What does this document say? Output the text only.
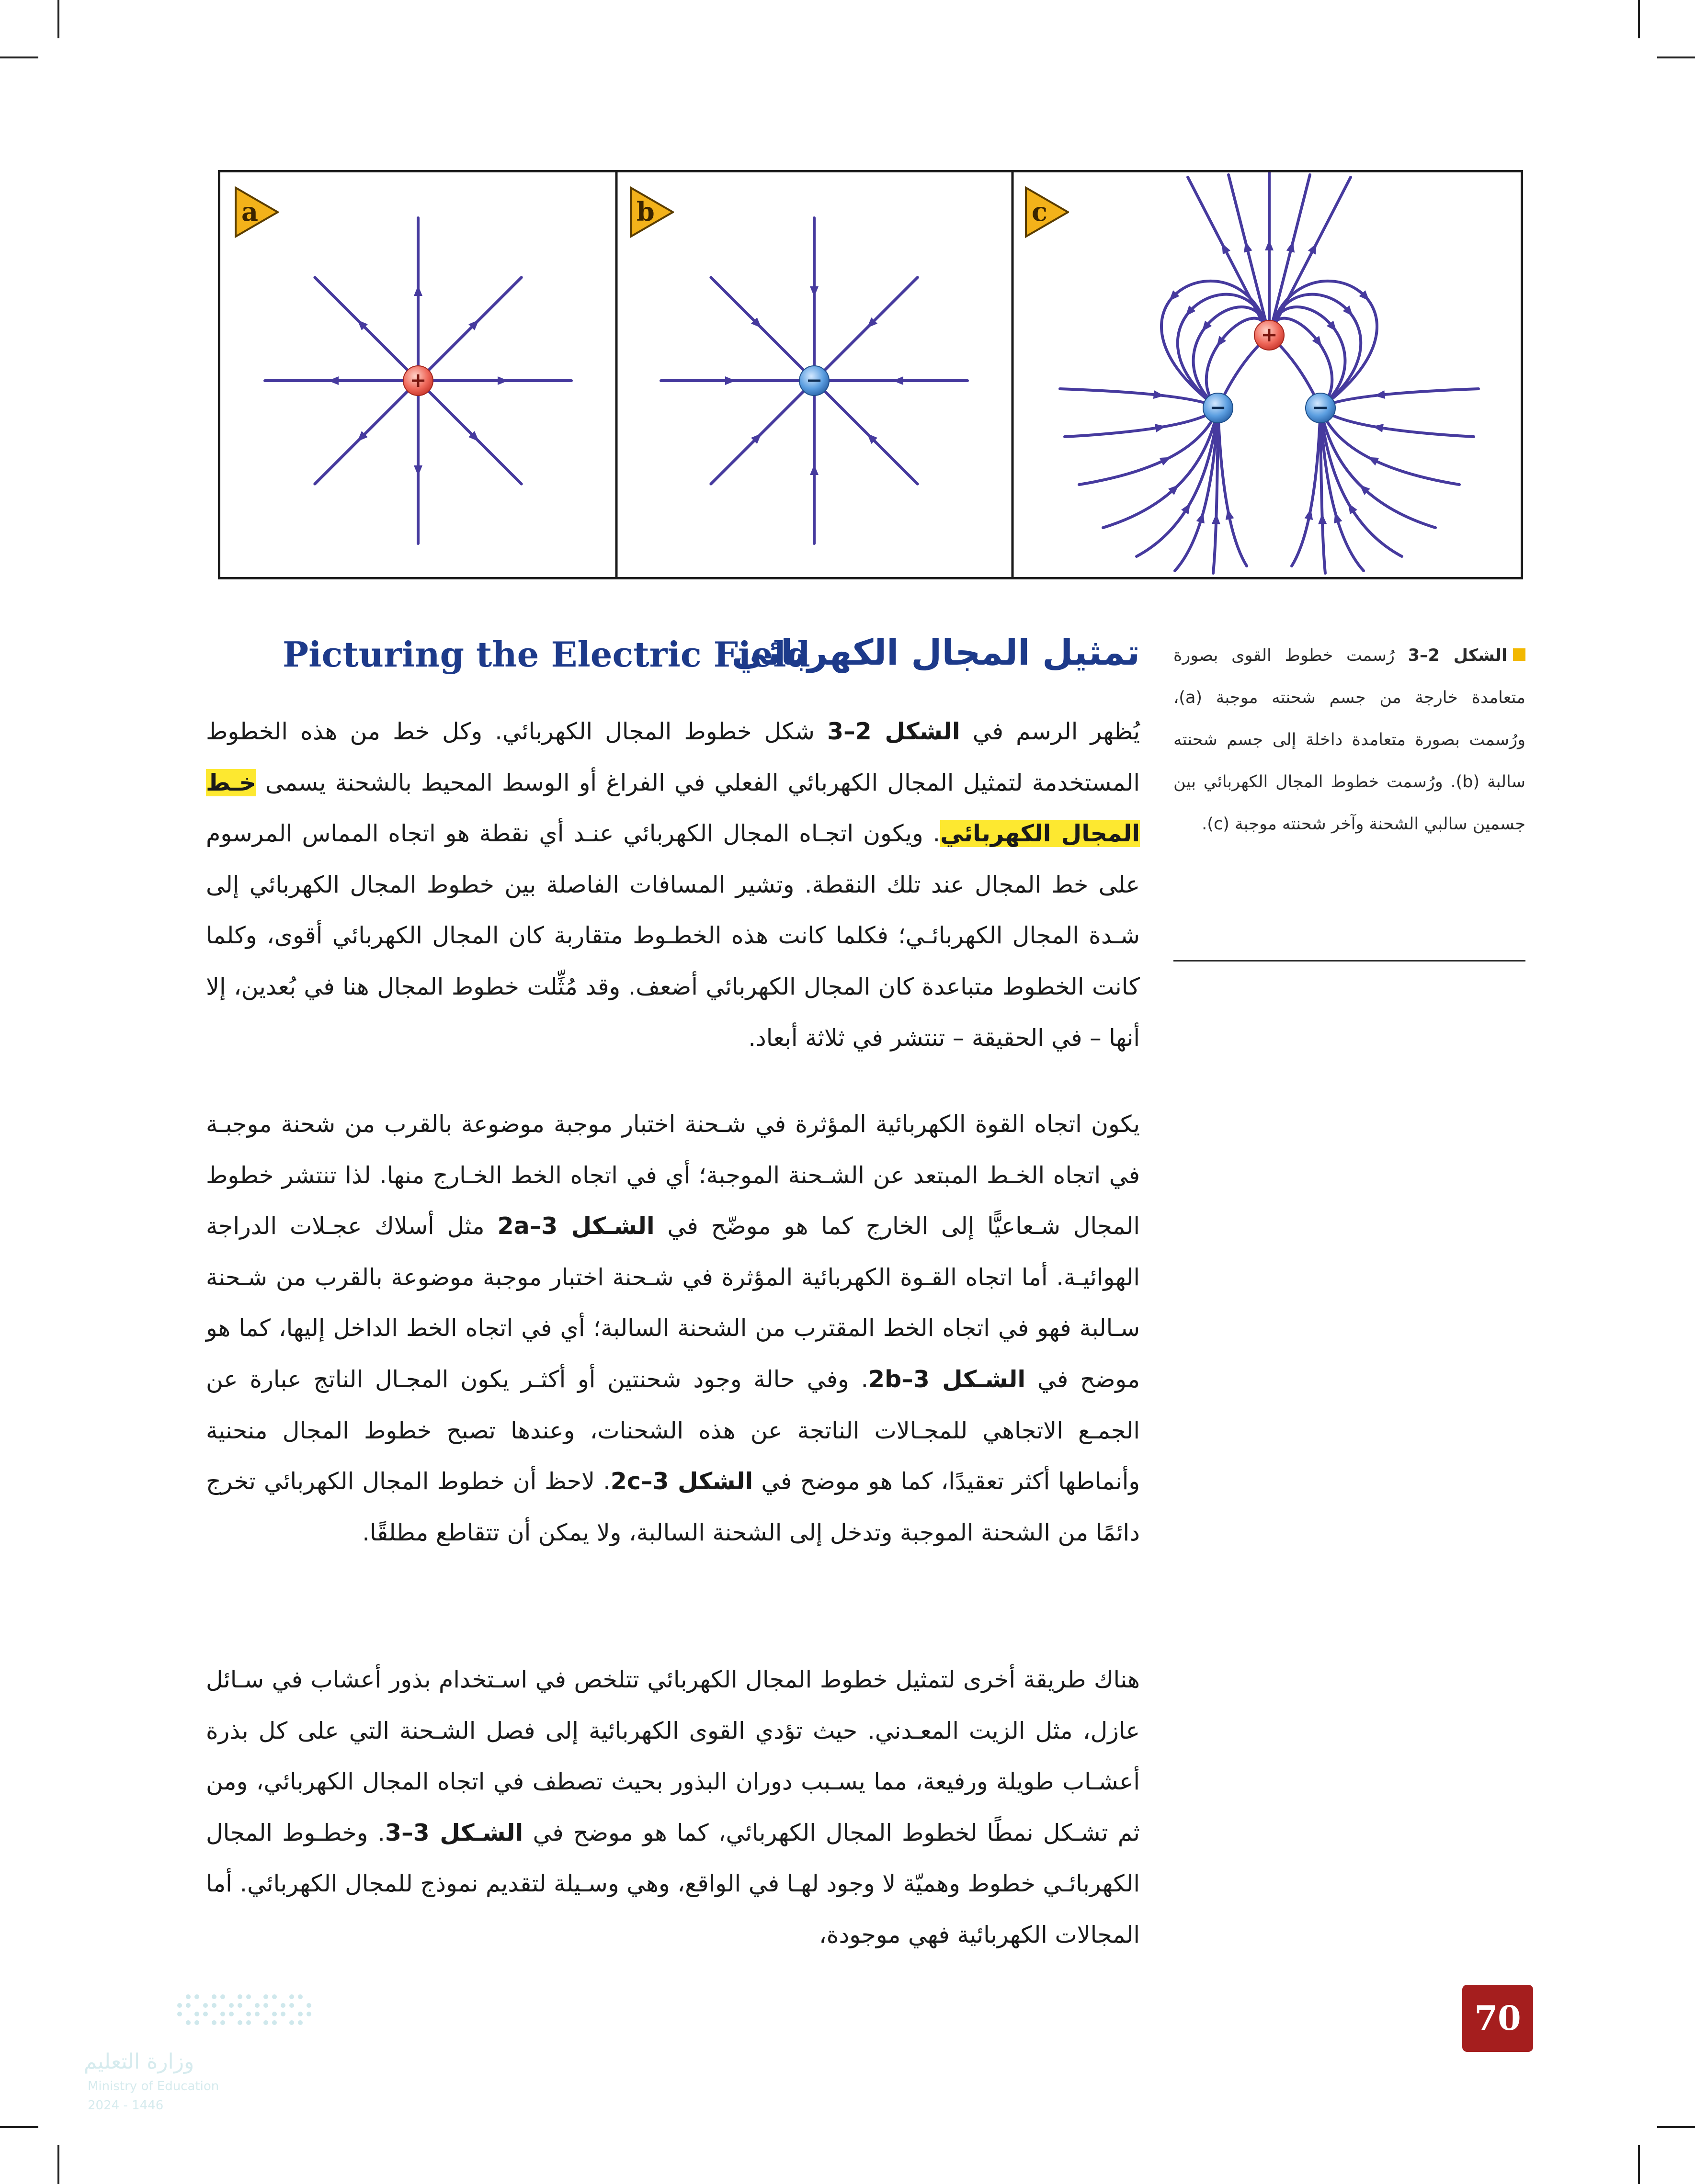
+	−
+
−	−
a	b	c
الشكل 2–3 رُسمت خطوط القوى بصورة متعامدة خارجة من جسم شحنته موجبة (a)، ورُسمت بصورة متعامدة داخلة إلى جسم شحنته سالبة (b). ورُسمت خطوط المجال الكهربائي بين جسمين سالبي الشحنة وآخر شحنته موجبة (c).
Picturing the Electric Field
تمثيل المجال الكهربائي
يُظهر الرسم في الشكل 2–3 شكل خطوط المجال الكهربائي. وكل خط من هذه الخطوط المستخدمة لتمثيل المجال الكهربائي الفعلي في الفراغ أو الوسط المحيط بالشحنة يسمى خـط المجال الكهربائي. ويكون اتجـاه المجال الكهربائي عنـد أي نقطة هو اتجاه المماس المرسوم على خط المجال عند تلك النقطة. وتشير المسافات الفاصلة بين خطوط المجال الكهربائي إلى شـدة المجال الكهربائـي؛ فكلما كانت هذه الخطـوط متقاربة كان المجال الكهربائي أقوى، وكلما كانت الخطوط متباعدة كان المجال الكهربائي أضعف. وقد مُثِّلت خطوط المجال هنا في بُعدين، إلا أنها – في الحقيقة – تنتشر في ثلاثة أبعاد.
يكون اتجاه القوة الكهربائية المؤثرة في شـحنة اختبار موجبة موضوعة بالقرب من شحنة موجبـة في اتجاه الخـط المبتعد عن الشـحنة الموجبة؛ أي في اتجاه الخط الخـارج منها. لذا تنتشر خطوط المجال شـعاعيًّا إلى الخارج كما هو موضّح في الشـكل 2a–3 مثل أسلاك عجـلات الدراجة الهوائيـة. أما اتجاه القـوة الكهربائية المؤثرة في شـحنة اختبار موجبة موضوعة بالقرب من شـحنة سـالبة فهو في اتجاه الخط المقترب من الشحنة السالبة؛ أي في اتجاه الخط الداخل إليها، كما هو موضح في الشـكل 2b–3. وفي حالة وجود شحنتين أو أكثـر يكون المجـال الناتج عبارة عن الجمـع الاتجاهي للمجـالات الناتجة عن هذه الشحنات، وعندها تصبح خطوط المجال منحنية وأنماطها أكثر تعقيدًا، كما هو موضح في الشكل 2c–3. لاحظ أن خطوط المجال الكهربائي تخرج دائمًا من الشحنة الموجبة وتدخل إلى الشحنة السالبة، ولا يمكن أن تتقاطع مطلقًا.
هناك طريقة أخرى لتمثيل خطوط المجال الكهربائي تتلخص في اسـتخدام بذور أعشاب في سـائل عازل، مثل الزيت المعـدني. حيث تؤدي القوى الكهربائية إلى فصل الشـحنة التي على كل بذرة أعشـاب طويلة ورفيعة، مما يسـبب دوران البذور بحيث تصطف في اتجاه المجال الكهربائي، ومن ثم تشـكل نمطًا لخطوط المجال الكهربائي، كما هو موضح في الشـكل 3–3. وخطـوط المجال الكهربائـي خطوط وهميّة لا وجود لهـا في الواقع، وهي وسـيلة لتقديم نموذج للمجال الكهربائي. أما المجالات الكهربائية فهي موجودة،
70
وزارة التعليم
Ministry of Education
2024 - 1446
